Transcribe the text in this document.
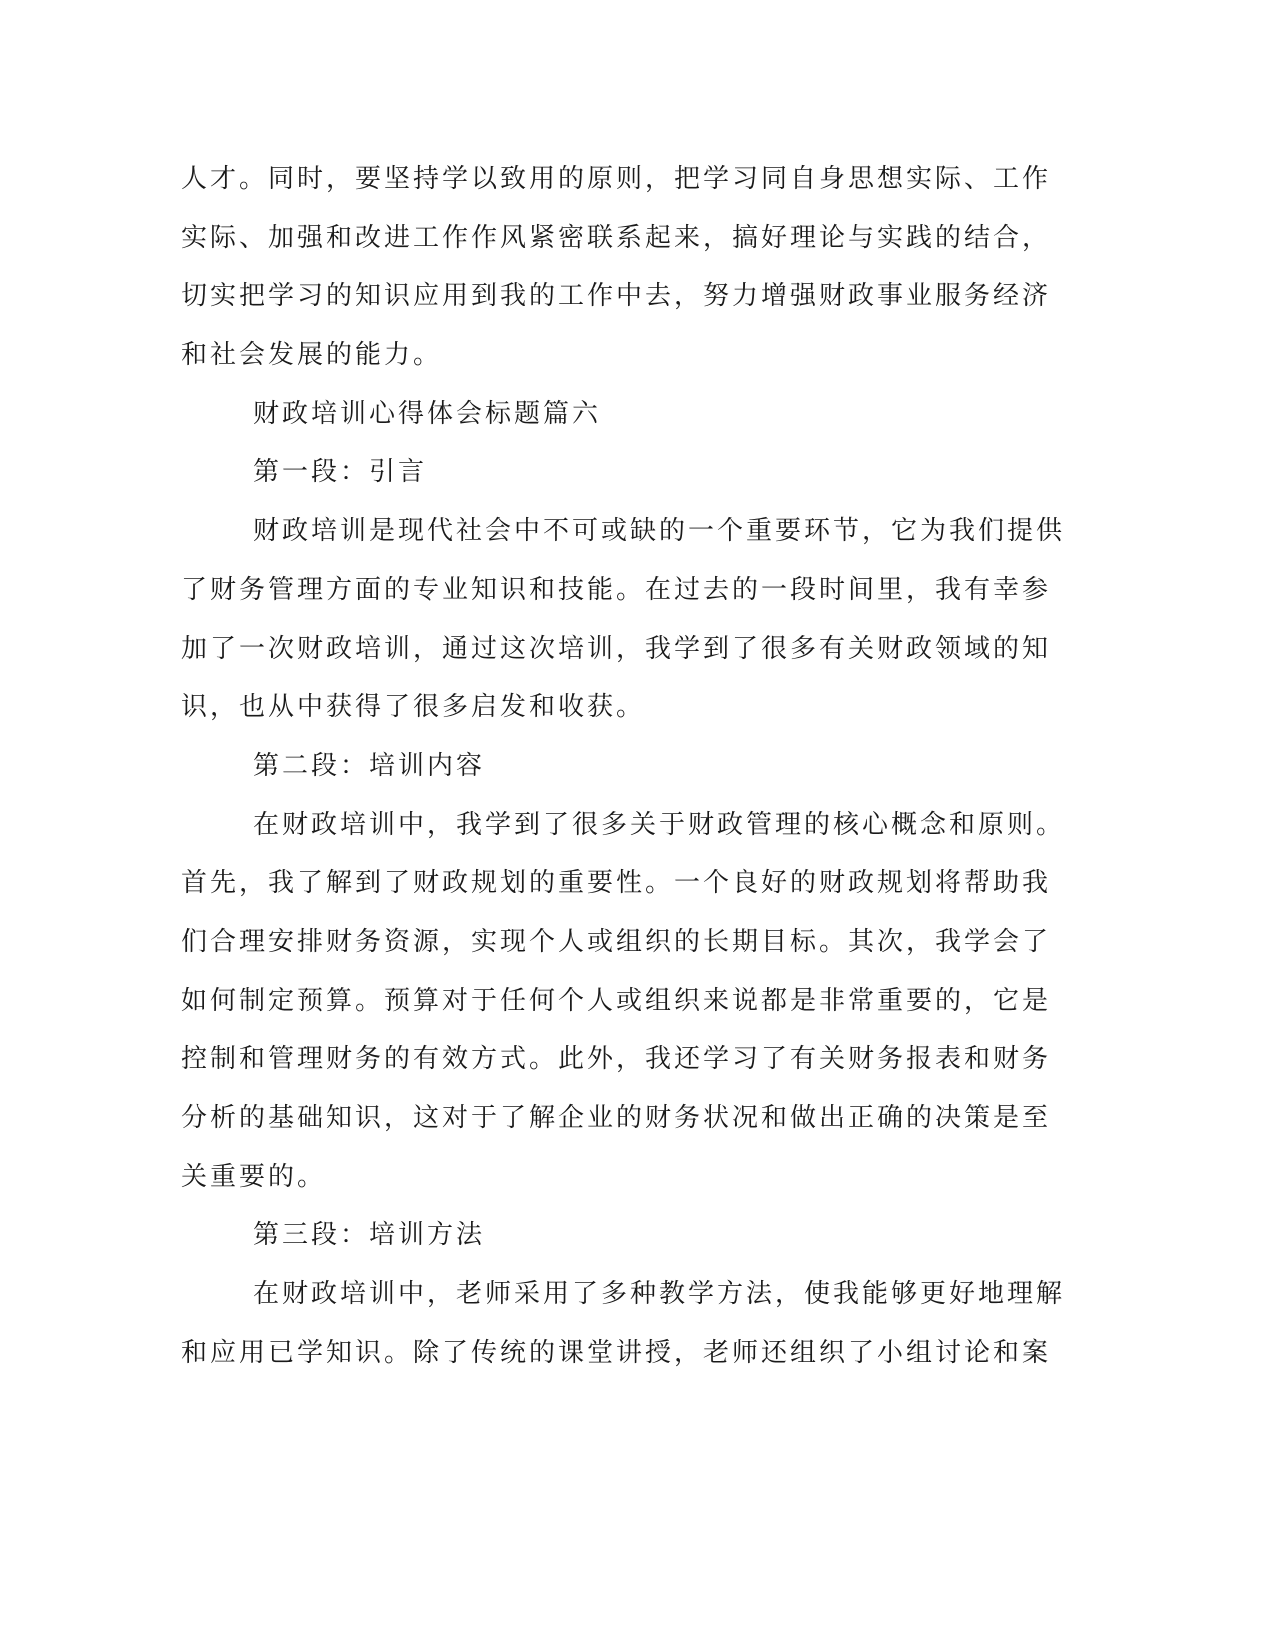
人才。同时，要坚持学以致用的原则，把学习同自身思想实际、工作
实际、加强和改进工作作风紧密联系起来，搞好理论与实践的结合，
切实把学习的知识应用到我的工作中去，努力增强财政事业服务经济
和社会发展的能力。
财政培训心得体会标题篇六
第一段：引言
财政培训是现代社会中不可或缺的一个重要环节，它为我们提供
了财务管理方面的专业知识和技能。在过去的一段时间里，我有幸参
加了一次财政培训，通过这次培训，我学到了很多有关财政领域的知
识，也从中获得了很多启发和收获。
第二段：培训内容
在财政培训中，我学到了很多关于财政管理的核心概念和原则。
首先，我了解到了财政规划的重要性。一个良好的财政规划将帮助我
们合理安排财务资源，实现个人或组织的长期目标。其次，我学会了
如何制定预算。预算对于任何个人或组织来说都是非常重要的，它是
控制和管理财务的有效方式。此外，我还学习了有关财务报表和财务
分析的基础知识，这对于了解企业的财务状况和做出正确的决策是至
关重要的。
第三段：培训方法
在财政培训中，老师采用了多种教学方法，使我能够更好地理解
和应用已学知识。除了传统的课堂讲授，老师还组织了小组讨论和案
